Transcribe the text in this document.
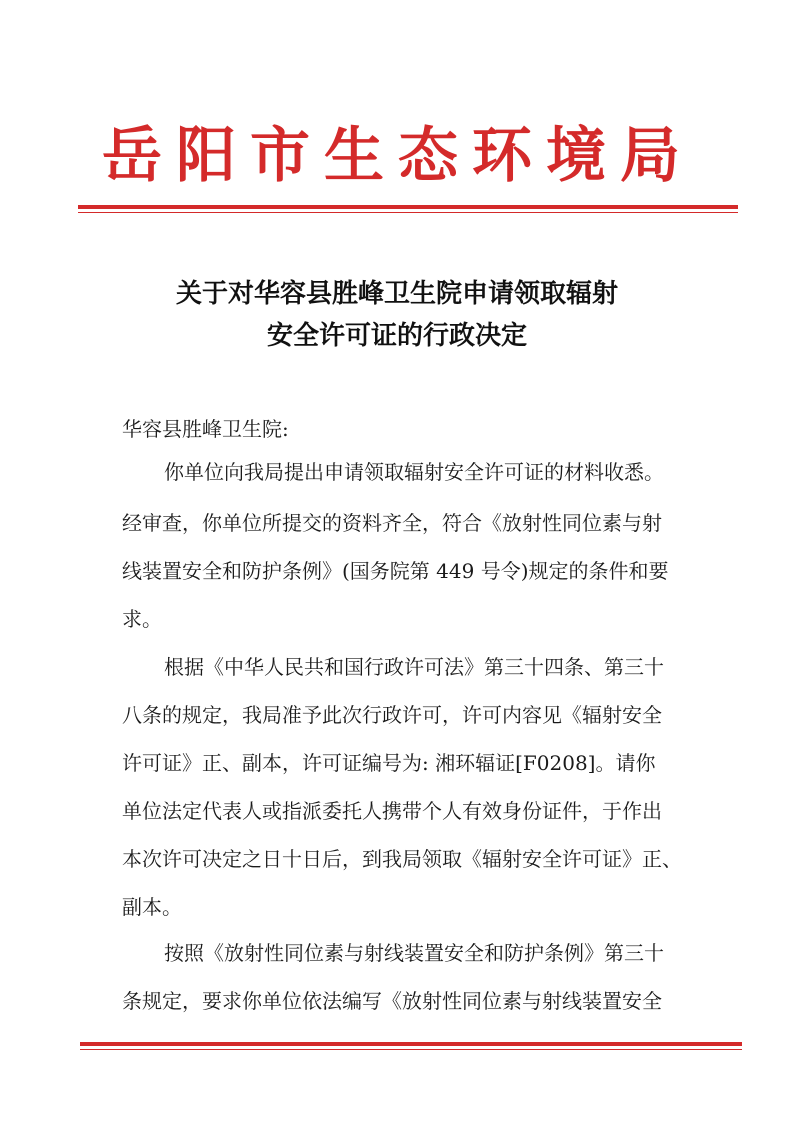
岳阳市生态环境局
关于对华容县胜峰卫生院申请领取辐射
安全许可证的行政决定
华容县胜峰卫生院:
你单位向我局提出申请领取辐射安全许可证的材料收悉。
经审查，你单位所提交的资料齐全，符合《放射性同位素与射
线装置安全和防护条例》(国务院第 449 号令)规定的条件和要
求。
根据《中华人民共和国行政许可法》第三十四条、第三十
八条的规定，我局准予此次行政许可，许可内容见《辐射安全
许可证》正、副本，许可证编号为: 湘环辐证[F0208]。请你
单位法定代表人或指派委托人携带个人有效身份证件，于作出
本次许可决定之日十日后，到我局领取《辐射安全许可证》正、
副本。
按照《放射性同位素与射线装置安全和防护条例》第三十
条规定，要求你单位依法编写《放射性同位素与射线装置安全
